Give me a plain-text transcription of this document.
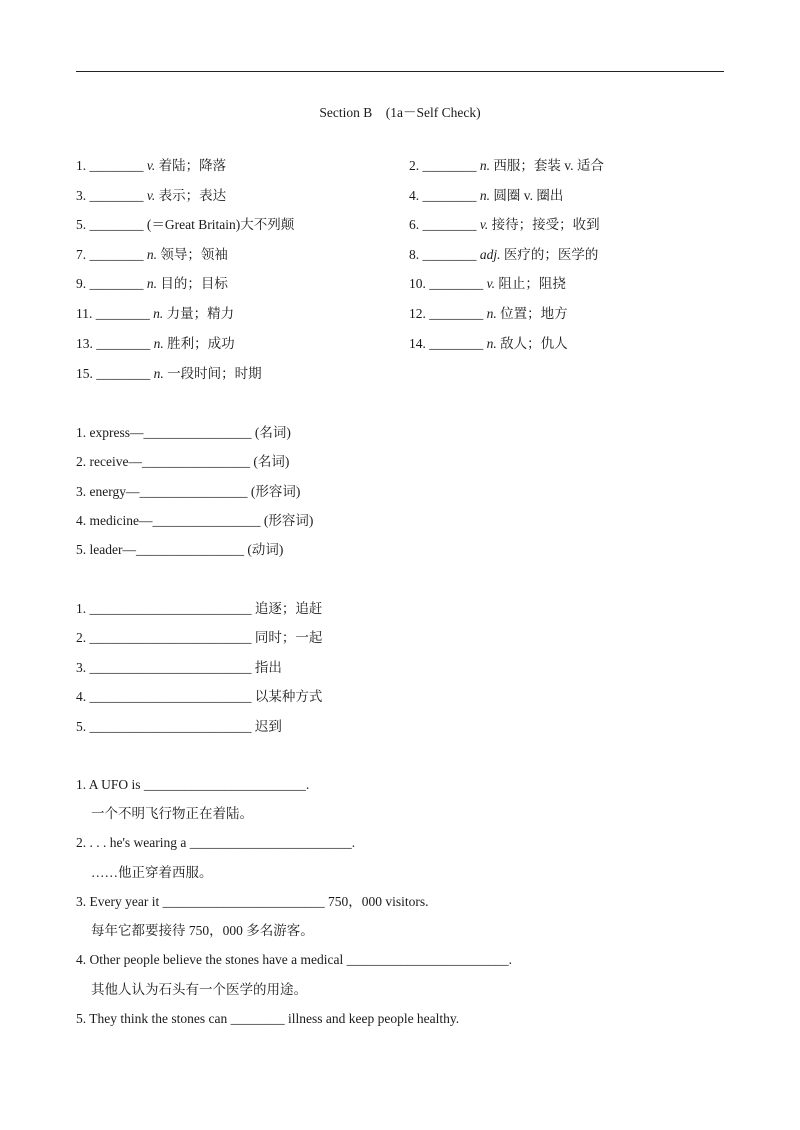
Section B　(1a－Self Check)
1. ________ v. 着陆；降落	2. ________ n. 西服；套装 v. 适合
3. ________ v. 表示；表达	4. ________ n. 圆圈 v. 圈出
5. ________ (＝Great Britain)大不列颠	6. ________ v. 接待；接受；收到
7. ________ n. 领导；领袖	8. ________ adj. 医疗的；医学的
9. ________ n. 目的；目标	10. ________ v. 阻止；阻挠
11. ________ n. 力量；精力	12. ________ n. 位置；地方
13. ________ n. 胜利；成功	14. ________ n. 敌人；仇人
15. ________ n. 一段时间；时期
1. express—________________ (名词)
2. receive—________________ (名词)
3. energy—________________ (形容词)
4. medicine—________________ (形容词)
5. leader—________________ (动词)
1. ________________________ 追逐；追赶
2. ________________________ 同时；一起
3. ________________________ 指出
4. ________________________ 以某种方式
5. ________________________ 迟到
1. A UFO is ________________________.
一个不明飞行物正在着陆。
2. . . . he's wearing a ________________________.
……他正穿着西服。
3. Every year it ________________________ 750，000 visitors.
每年它都要接待 750，000 多名游客。
4. Other people believe the stones have a medical ________________________.
其他人认为石头有一个医学的用途。
5. They think the stones can ________ illness and keep people healthy.
